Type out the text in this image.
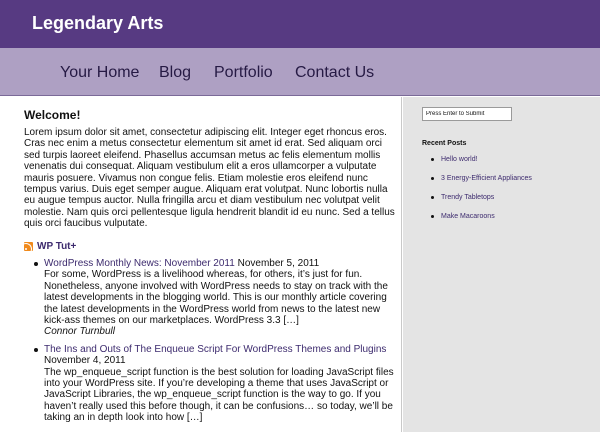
Legendary Arts
Your Home Blog Portfolio Contact Us
Welcome!

Lorem ipsum dolor sit amet, consectetur adipiscing elit. Integer eget rhoncus eros. Cras nec enim a metus consectetur elementum sit amet id erat. Sed aliquam orci sed turpis laoreet eleifend. Phasellus accumsan metus ac felis elementum mollis venenatis dui consequat. Aliquam vestibulum elit a eros ullamcorper a vulputate mauris posuere. Vivamus non congue felis. Etiam molestie eros eleifend nunc tempus varius. Duis eget semper augue. Aliquam erat volutpat. Nunc lobortis nulla eu augue tempus auctor. Nulla fringilla arcu et diam vestibulum nec volutpat velit molestie. Nam quis orci pellentesque ligula hendrerit blandit id eu nunc. Sed a tellus quis orci faucibus vulputate.

WP Tut+
WordPress Monthly News: November 2011 November 5, 2011
For some, WordPress is a livelihood whereas, for others, it’s just for fun. Nonetheless, anyone involved with WordPress needs to stay on track with the latest developments in the blogging world. This is our monthly article covering the latest developments in the WordPress world from news to the latest new kick-ass themes on our marketplaces. WordPress 3.3 […]
Connor Turnbull
The Ins and Outs of The Enqueue Script For WordPress Themes and Plugins
November 4, 2011
The wp_enqueue_script function is the best solution for loading JavaScript files into your WordPress site. If you’re developing a theme that uses JavaScript or JavaScript Libraries, the wp_enqueue_script function is the way to go. If you haven’t really used this before though, it can be confusions… so today, we’ll be taking an in depth look into how […]
Press Enter to Submit
Recent Posts
Hello world!
3 Energy-Efficient Appliances
Trendy Tabletops
Make Macaroons
